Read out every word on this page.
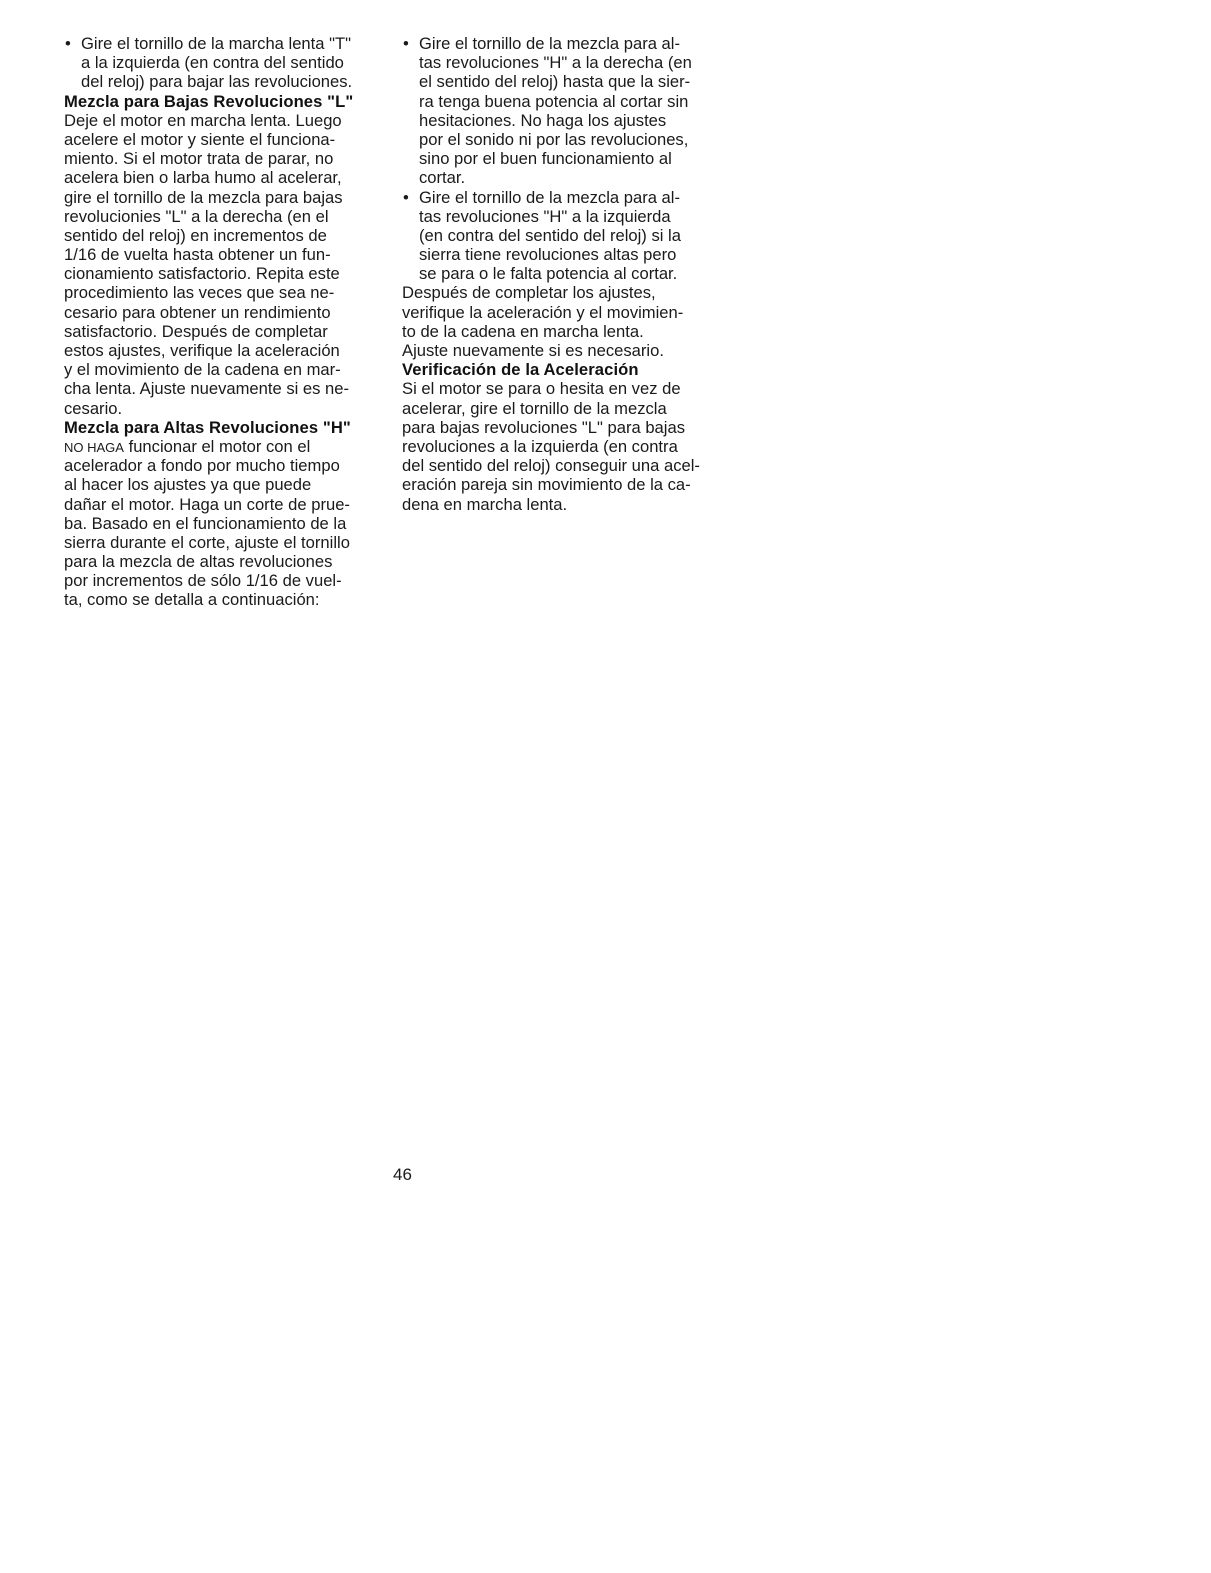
• Gire el tornillo de la marcha lenta "T"
a la izquierda (en contra del sentido
del reloj) para bajar las revoluciones.
Mezcla para Bajas Revoluciones "L"
Deje el motor en marcha lenta. Luego
acelere el motor y siente el funciona-
miento. Si el motor trata de parar, no
acelera bien o larba humo al acelerar,
gire el tornillo de la mezcla para bajas
revolucionies "L" a la derecha (en el
sentido del reloj) en incrementos de
1/16 de vuelta hasta obtener un fun-
cionamiento satisfactorio. Repita este
procedimiento las veces que sea ne-
cesario para obtener un rendimiento
satisfactorio. Después de completar
estos ajustes, verifique la aceleración
y el movimiento de la cadena en mar-
cha lenta. Ajuste nuevamente si es ne-
cesario.
Mezcla para Altas Revoluciones "H"
NO HAGA funcionar el motor con el
acelerador a fondo por mucho tiempo
al hacer los ajustes ya que puede
dañar el motor. Haga un corte de prue-
ba. Basado en el funcionamiento de la
sierra durante el corte, ajuste el tornillo
para la mezcla de altas revoluciones
por incrementos de sólo 1/16 de vuel-
ta, como se detalla a continuación:
• Gire el tornillo de la mezcla para al-
tas revoluciones "H" a la derecha (en
el sentido del reloj) hasta que la sier-
ra tenga buena potencia al cortar sin
hesitaciones. No haga los ajustes
por el sonido ni por las revoluciones,
sino por el buen funcionamiento al
cortar.
• Gire el tornillo de la mezcla para al-
tas revoluciones "H" a la izquierda
(en contra del sentido del reloj) si la
sierra tiene revoluciones altas pero
se para o le falta potencia al cortar.
Después de completar los ajustes,
verifique la aceleración y el movimien-
to de la cadena en marcha lenta.
Ajuste nuevamente si es necesario.
Verificación de la Aceleración
Si el motor se para o hesita en vez de
acelerar, gire el tornillo de la mezcla
para bajas revoluciones "L" para bajas
revoluciones a la izquierda (en contra
del sentido del reloj) conseguir una acel-
eración pareja sin movimiento de la ca-
dena en marcha lenta.
46
